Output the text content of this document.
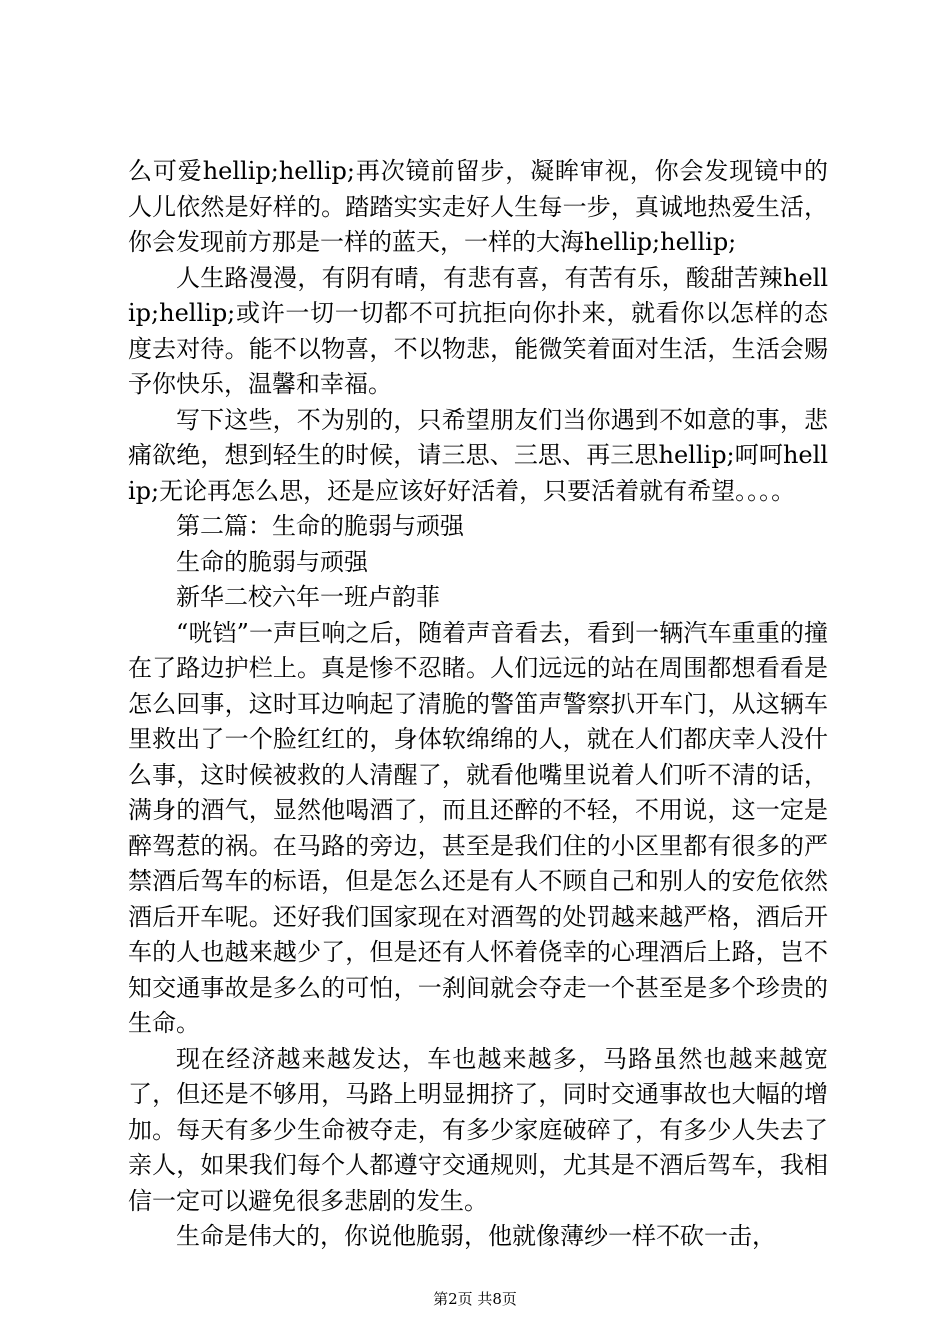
么可爱hellip;hellip;再次镜前留步，凝眸审视，你会发现镜中的人儿依然是好样的。踏踏实实走好人生每一步，真诚地热爱生活，你会发现前方那是一样的蓝天，一样的大海hellip;hellip;

人生路漫漫，有阴有晴，有悲有喜，有苦有乐，酸甜苦辣hellip;hellip;或许一切一切都不可抗拒向你扑来，就看你以怎样的态度去对待。能不以物喜，不以物悲，能微笑着面对生活，生活会赐予你快乐，温馨和幸福。

写下这些，不为别的，只希望朋友们当你遇到不如意的事，悲痛欲绝，想到轻生的时候，请三思、三思、再三思hellip;呵呵hellip;无论再怎么思，还是应该好好活着，只要活着就有希望。。。。

第二篇：生命的脆弱与顽强

生命的脆弱与顽强

新华二校六年一班卢韵菲

“咣铛”一声巨响之后，随着声音看去，看到一辆汽车重重的撞在了路边护栏上。真是惨不忍睹。人们远远的站在周围都想看看是怎么回事，这时耳边响起了清脆的警笛声警察扒开车门，从这辆车里救出了一个脸红红的，身体软绵绵的人，就在人们都庆幸人没什么事，这时候被救的人清醒了，就看他嘴里说着人们听不清的话，满身的酒气，显然他喝酒了，而且还醉的不轻，不用说，这一定是醉驾惹的祸。在马路的旁边，甚至是我们住的小区里都有很多的严禁酒后驾车的标语，但是怎么还是有人不顾自己和别人的安危依然酒后开车呢。还好我们国家现在对酒驾的处罚越来越严格，酒后开车的人也越来越少了，但是还有人怀着侥幸的心理酒后上路，岂不知交通事故是多么的可怕，一刹间就会夺走一个甚至是多个珍贵的生命。

现在经济越来越发达，车也越来越多，马路虽然也越来越宽了，但还是不够用，马路上明显拥挤了，同时交通事故也大幅的增加。每天有多少生命被夺走，有多少家庭破碎了，有多少人失去了亲人，如果我们每个人都遵守交通规则，尤其是不酒后驾车，我相信一定可以避免很多悲剧的发生。

生命是伟大的，你说他脆弱，他就像薄纱一样不砍一击，

第2页 共8页
